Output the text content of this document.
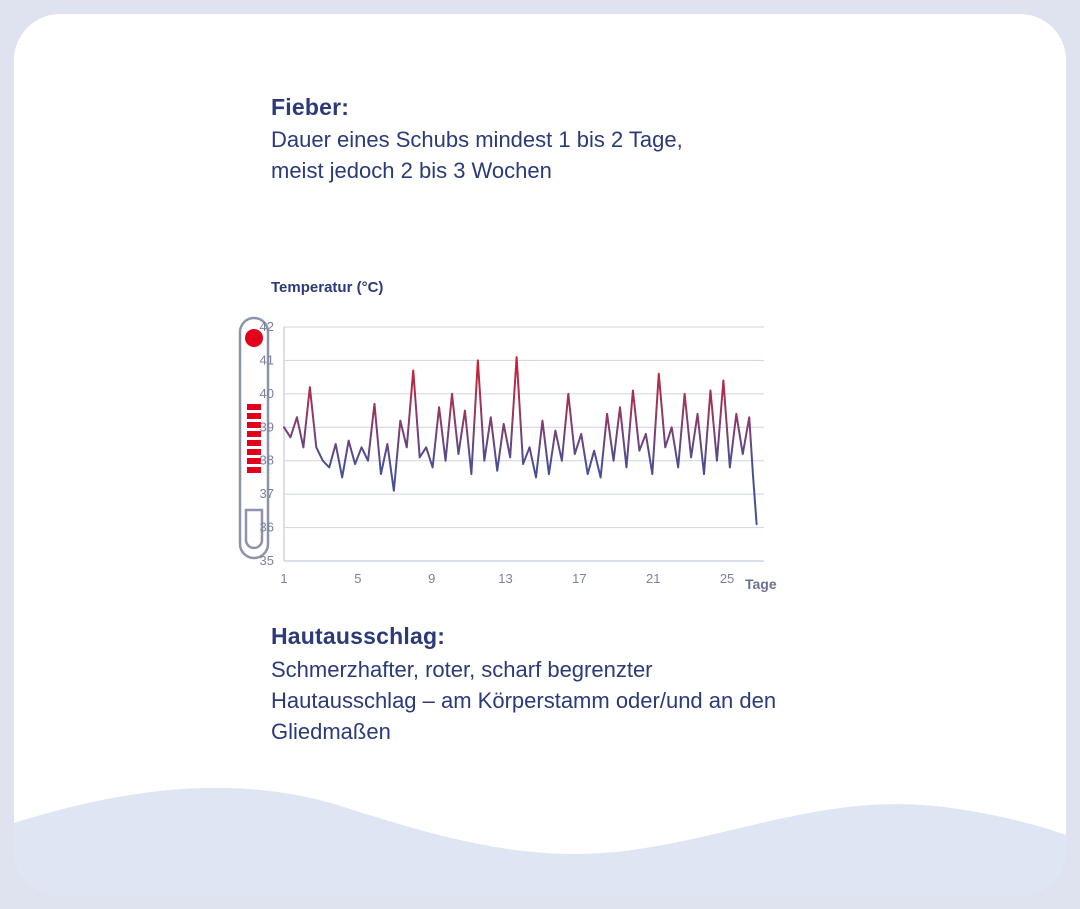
Fieber:
Dauer eines Schubs mindest 1 bis 2 Tage, meist jedoch 2 bis 3 Wochen
Temperatur (°C)
35
36
37
38
39
40
41
42
1	5	9	13	17	21	25 Tage
Hautausschlag:
Schmerzhafter, roter, scharf begrenzter Hautausschlag – am Körperstamm oder/und an den Gliedmaßen
